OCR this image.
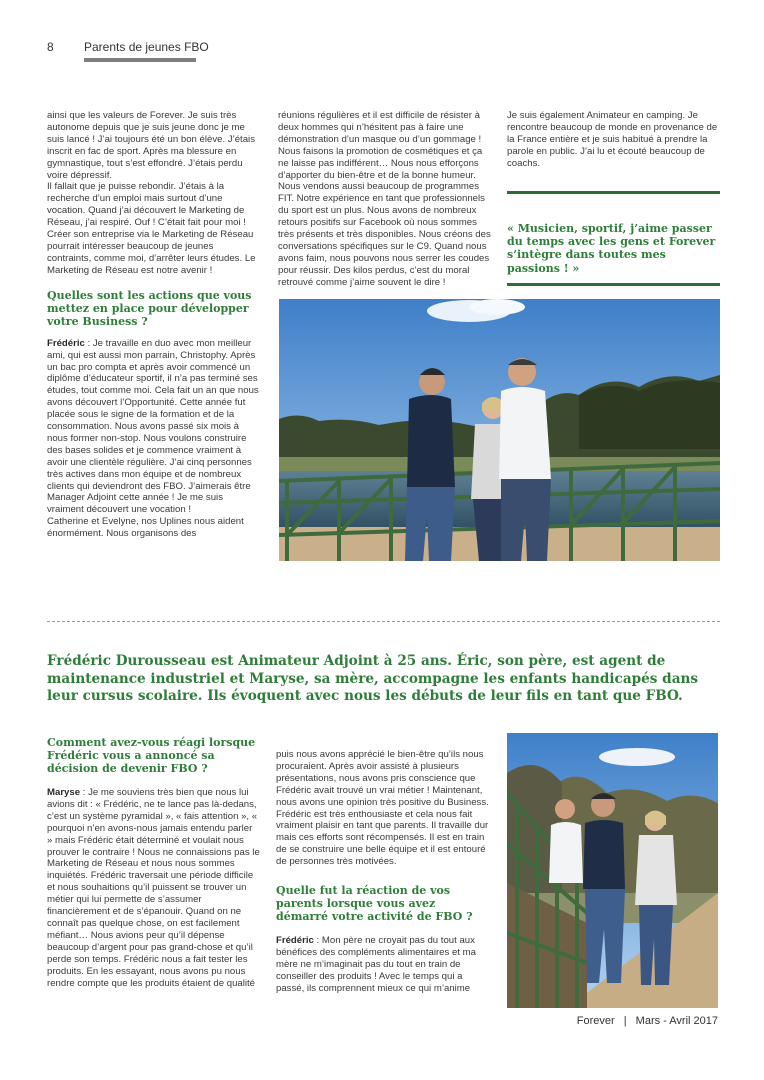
8	Parents de jeunes FBO

ainsi que les valeurs de Forever. Je suis très autonome depuis que je suis jeune donc je me suis lancé ! J’ai toujours été un bon élève. J’étais inscrit en fac de sport. Après ma blessure en gymnastique, tout s’est effondré. J’étais perdu voire dépressif.

Il fallait que je puisse rebondir. J’étais à la recherche d’un emploi mais surtout d’une vocation. Quand j’ai découvert le Marketing de Réseau, j’ai respiré. Ouf ! C’était fait pour moi ! Créer son entreprise via le Marketing de Réseau pourrait intéresser beaucoup de jeunes contraints, comme moi, d’arrêter leurs études. Le Marketing de Réseau est notre avenir !

Quelles sont les actions que vous mettez en place pour développer votre Business ?

Frédéric : Je travaille en duo avec mon meilleur ami, qui est aussi mon parrain, Christophy. Après un bac pro compta et après avoir commencé un diplôme d’éducateur sportif, il n’a pas terminé ses études, tout comme moi. Cela fait un an que nous avons découvert l’Opportunité. Cette année fut placée sous le signe de la formation et de la consommation. Nous avons passé six mois à nous former non-stop. Nous voulons construire des bases solides et je commence vraiment à avoir une clientèle régulière. J’ai cinq personnes très actives dans mon équipe et de nombreux clients qui deviendront des FBO. J’aimerais être Manager Adjoint cette année ! Je me suis vraiment découvert une vocation !

Catherine et Evelyne, nos Uplines nous aident énormément. Nous organisons des

réunions régulières et il est difficile de résister à deux hommes qui n’hésitent pas à faire une démonstration d’un masque ou d’un gommage ! Nous faisons la promotion de cosmétiques et ça ne laisse pas indifférent… Nous nous efforçons d’apporter du bien-être et de la bonne humeur. Nous vendons aussi beaucoup de programmes FIT. Notre expérience en tant que professionnels du sport est un plus. Nous avons de nombreux retours positifs sur Facebook où nous sommes très présents et très disponibles. Nous créons des conversations spécifiques sur le C9. Quand nous avons faim, nous pouvons nous serrer les coudes pour réussir. Des kilos perdus, c’est du moral retrouvé comme j’aime souvent le dire !

Je suis également Animateur en camping. Je rencontre beaucoup de monde en provenance de la France entière et je suis habitué à prendre la parole en public. J’ai lu et écouté beaucoup de coachs.

« Musicien, sportif, j’aime passer du temps avec les gens et Forever s’intègre dans toutes mes passions ! »
Frédéric Durousseau est Animateur Adjoint à 25 ans. Éric, son père, est agent de maintenance industriel et Maryse, sa mère, accompagne les enfants handicapés dans leur cursus scolaire. Ils évoquent avec nous les débuts de leur fils en tant que FBO.
Comment avez-vous réagi lorsque Frédéric vous a annoncé sa décision de devenir FBO ?

Maryse : Je me souviens très bien que nous lui avions dit : « Frédéric, ne te lance pas là-dedans, c’est un système pyramidal », « fais attention », « pourquoi n’en avons-nous jamais entendu parler » mais Frédéric était déterminé et voulait nous prouver le contraire ! Nous ne connaissions pas le Marketing de Réseau et nous nous sommes inquiétés. Frédéric traversait une période difficile et nous souhaitions qu’il puissent se trouver un métier qui lui permette de s’assumer financièrement et de s’épanouir. Quand on ne connaît pas quelque chose, on est facilement méfiant… Nous avions peur qu’il dépense beaucoup d’argent pour pas grand-chose et qu’il perde son temps. Frédéric nous a fait tester les produits. En les essayant, nous avons pu nous rendre compte que les produits étaient de qualité

puis nous avons apprécié le bien-être qu’ils nous procuraient. Après avoir assisté à plusieurs présentations, nous avons pris conscience que Frédéric avait trouvé un vrai métier ! Maintenant, nous avons une opinion très positive du Business. Frédéric est très enthousiaste et cela nous fait vraiment plaisir en tant que parents. Il travaille dur mais ces efforts sont récompensés. Il est en train de se construire une belle équipe et il est entouré de personnes très motivées.

Quelle fut la réaction de vos parents lorsque vous avez démarré votre activité de FBO ?

Frédéric : Mon père ne croyait pas du tout aux bénéfices des compléments alimentaires et ma mère ne m’imaginait pas du tout en train de conseiller des produits ! Avec le temps qui a passé, ils comprennent mieux ce qui m’anime

Forever | Mars - Avril 2017
